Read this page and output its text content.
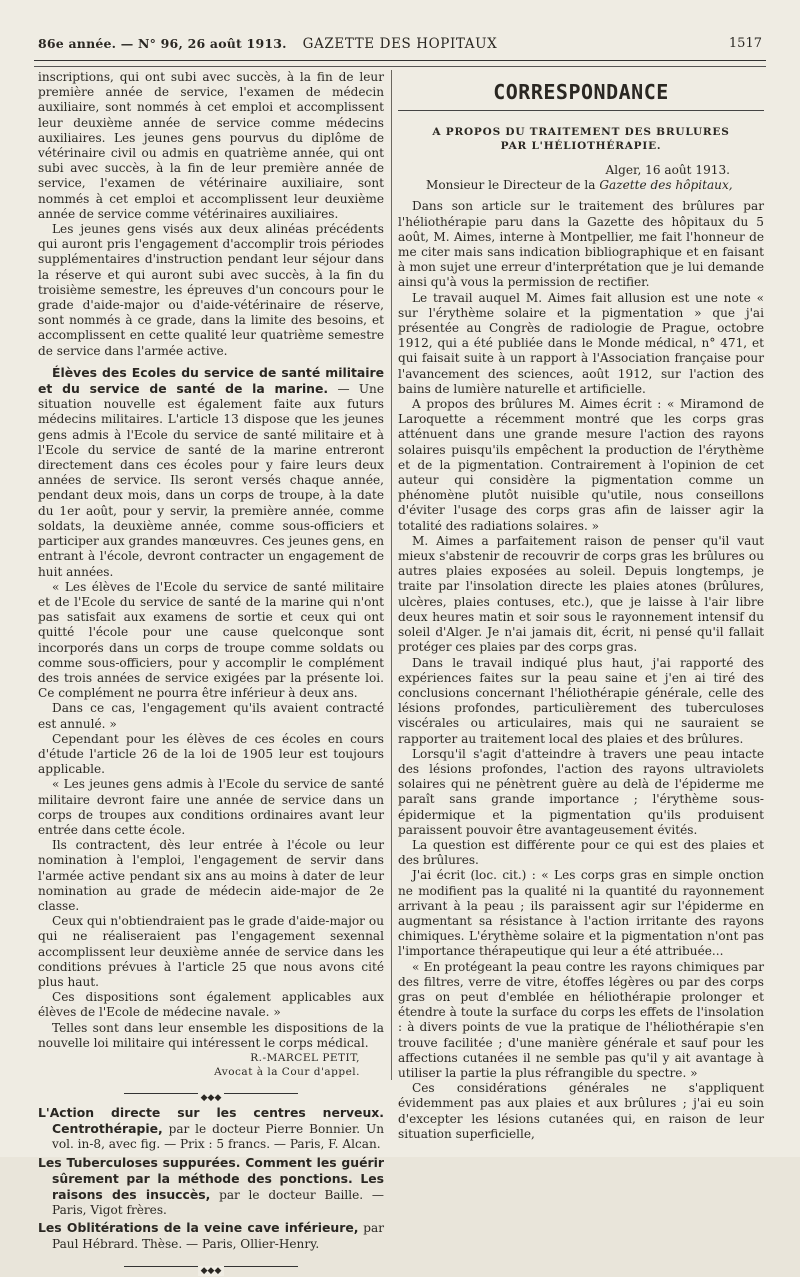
86e année. — N° 96, 26 août 1913.	GAZETTE DES HOPITAUX	1517

inscriptions, qui ont subi avec succès, à la fin de leur première année de service, l'examen de médecin auxiliaire, sont nommés à cet emploi et accomplissent leur deuxième année de service comme médecins auxiliaires. Les jeunes gens pourvus du diplôme de vétérinaire civil ou admis en quatrième année, qui ont subi avec succès, à la fin de leur première année de service, l'examen de vétérinaire auxiliaire, sont nommés à cet emploi et accomplissent leur deuxième année de service comme vétérinaires auxiliaires.

Les jeunes gens visés aux deux alinéas précédents qui auront pris l'engagement d'accomplir trois périodes supplémentaires d'instruction pendant leur séjour dans la réserve et qui auront subi avec succès, à la fin du troisième semestre, les épreuves d'un concours pour le grade d'aide-major ou d'aide-vétérinaire de réserve, sont nommés à ce grade, dans la limite des besoins, et accomplissent en cette qualité leur quatrième semestre de service dans l'armée active.

Élèves des Ecoles du service de santé militaire et du service de santé de la marine. — Une situation nouvelle est également faite aux futurs médecins militaires. L'article 13 dispose que les jeunes gens admis à l'Ecole du service de santé militaire et à l'Ecole du service de santé de la marine entreront directement dans ces écoles pour y faire leurs deux années de service. Ils seront versés chaque année, pendant deux mois, dans un corps de troupe, à la date du 1er août, pour y servir, la première année, comme soldats, la deuxième année, comme sous-officiers et participer aux grandes manœuvres. Ces jeunes gens, en entrant à l'école, devront contracter un engagement de huit années.

« Les élèves de l'Ecole du service de santé militaire et de l'Ecole du service de santé de la marine qui n'ont pas satisfait aux examens de sortie et ceux qui ont quitté l'école pour une cause quelconque sont incorporés dans un corps de troupe comme soldats ou comme sous-officiers, pour y accomplir le complément des trois années de service exigées par la présente loi. Ce complément ne pourra être inférieur à deux ans.

Dans ce cas, l'engagement qu'ils avaient contracté est annulé. »

Cependant pour les élèves de ces écoles en cours d'étude l'article 26 de la loi de 1905 leur est toujours applicable.

« Les jeunes gens admis à l'Ecole du service de santé militaire devront faire une année de service dans un corps de troupes aux conditions ordinaires avant leur entrée dans cette école.

Ils contractent, dès leur entrée à l'école ou leur nomination à l'emploi, l'engagement de servir dans l'armée active pendant six ans au moins à dater de leur nomination au grade de médecin aide-major de 2e classe.

Ceux qui n'obtiendraient pas le grade d'aide-major ou qui ne réaliseraient pas l'engagement sexennal accomplissent leur deuxième année de service dans les conditions prévues à l'article 25 que nous avons cité plus haut.

Ces dispositions sont également applicables aux élèves de l'Ecole de médecine navale. »

Telles sont dans leur ensemble les dispositions de la nouvelle loi militaire qui intéressent le corps médical.

R.-MARCEL PETIT,

Avocat à la Cour d'appel.

◆◆◆

L'Action directe sur les centres nerveux. Centrothérapie, par le docteur Pierre Bonnier. Un vol. in-8, avec fig. — Prix : 5 francs. — Paris, F. Alcan.

Les Tuberculoses suppurées. Comment les guérir sûrement par la méthode des ponctions. Les raisons des insuccès, par le docteur Baille. — Paris, Vigot frères.

Les Oblitérations de la veine cave inférieure, par Paul Hébrard. Thèse. — Paris, Ollier-Henry.

◆◆◆
CORRESPONDANCE

A PROPOS DU TRAITEMENT DES BRULURES

PAR L'HÉLIOTHÉRAPIE.

Alger, 16 août 1913.

Monsieur le Directeur de la Gazette des hôpitaux,

Dans son article sur le traitement des brûlures par l'héliothérapie paru dans la Gazette des hôpitaux du 5 août, M. Aimes, interne à Montpellier, me fait l'honneur de me citer mais sans indication bibliographique et en faisant à mon sujet une erreur d'interprétation que je lui demande ainsi qu'à vous la permission de rectifier.

Le travail auquel M. Aimes fait allusion est une note « sur l'érythème solaire et la pigmentation » que j'ai présentée au Congrès de radiologie de Prague, octobre 1912, qui a été publiée dans le Monde médical, n° 471, et qui faisait suite à un rapport à l'Association française pour l'avancement des sciences, août 1912, sur l'action des bains de lumière naturelle et artificielle.

A propos des brûlures M. Aimes écrit : « Miramond de Laroquette a récemment montré que les corps gras atténuent dans une grande mesure l'action des rayons solaires puisqu'ils empêchent la production de l'érythème et de la pigmentation. Contrairement à l'opinion de cet auteur qui considère la pigmentation comme un phénomène plutôt nuisible qu'utile, nous conseillons d'éviter l'usage des corps gras afin de laisser agir la totalité des radiations solaires. »

M. Aimes a parfaitement raison de penser qu'il vaut mieux s'abstenir de recouvrir de corps gras les brûlures ou autres plaies exposées au soleil. Depuis longtemps, je traite par l'insolation directe les plaies atones (brûlures, ulcères, plaies contuses, etc.), que je laisse à l'air libre deux heures matin et soir sous le rayonnement intensif du soleil d'Alger. Je n'ai jamais dit, écrit, ni pensé qu'il fallait protéger ces plaies par des corps gras.

Dans le travail indiqué plus haut, j'ai rapporté des expériences faites sur la peau saine et j'en ai tiré des conclusions concernant l'héliothérapie générale, celle des lésions profondes, particulièrement des tuberculoses viscérales ou articulaires, mais qui ne sauraient se rapporter au traitement local des plaies et des brûlures.

Lorsqu'il s'agit d'atteindre à travers une peau intacte des lésions profondes, l'action des rayons ultraviolets solaires qui ne pénètrent guère au delà de l'épiderme me paraît sans grande importance ; l'érythème sous-épidermique et la pigmentation qu'ils produisent paraissent pouvoir être avantageusement évités.

La question est différente pour ce qui est des plaies et des brûlures.

J'ai écrit (loc. cit.) : « Les corps gras en simple onction ne modifient pas la qualité ni la quantité du rayonnement arrivant à la peau ; ils paraissent agir sur l'épiderme en augmentant sa résistance à l'action irritante des rayons chimiques. L'érythème solaire et la pigmentation n'ont pas l'importance thérapeutique qui leur a été attribuée...

« En protégeant la peau contre les rayons chimiques par des filtres, verre de vitre, étoffes légères ou par des corps gras on peut d'emblée en héliothérapie prolonger et étendre à toute la surface du corps les effets de l'insolation : à divers points de vue la pratique de l'héliothérapie s'en trouve facilitée ; d'une manière générale et sauf pour les affections cutanées il ne semble pas qu'il y ait avantage à utiliser la partie la plus réfrangible du spectre. »

Ces considérations générales ne s'appliquent évidemment pas aux plaies et aux brûlures ; j'ai eu soin d'excepter les lésions cutanées qui, en raison de leur situation superficielle,
